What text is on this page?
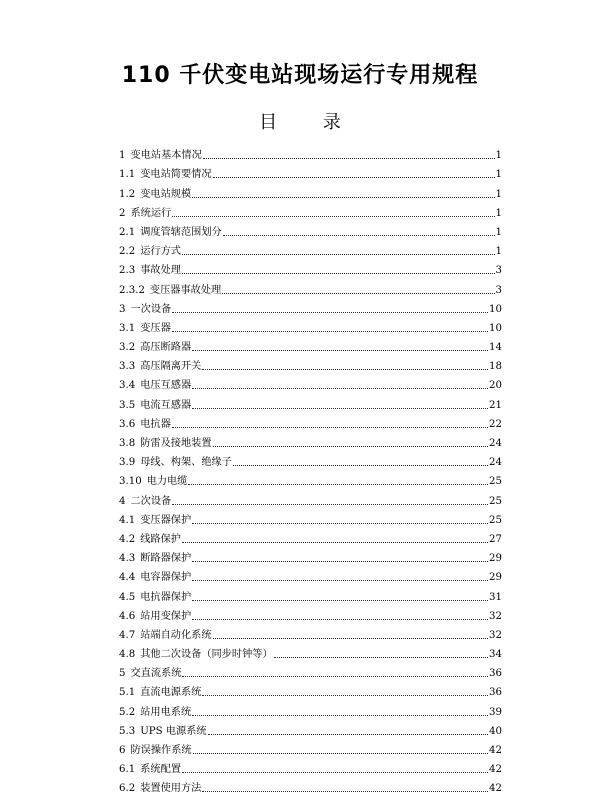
110 千伏变电站现场运行专用规程
目 录
1 变电站基本情况	1
1.1 变电站简要情况	1
1.2 变电站规模	1
2 系统运行	1
2.1 调度管辖范围划分	1
2.2 运行方式	1
2.3 事故处理	3
2.3.2 变压器事故处理	3
3 一次设备	10
3.1 变压器	10
3.2 高压断路器	14
3.3 高压隔离开关	18
3.4 电压互感器	20
3.5 电流互感器	21
3.6 电抗器	22
3.8 防雷及接地装置	24
3.9 母线、构架、绝缘子	24
3.10 电力电缆	25
4 二次设备	25
4.1 变压器保护	25
4.2 线路保护	27
4.3 断路器保护	29
4.4 电容器保护	29
4.5 电抗器保护	31
4.6 站用变保护	32
4.7 站端自动化系统	32
4.8 其他二次设备（同步时钟等）	34
5 交直流系统	36
5.1 直流电源系统	36
5.2 站用电系统	39
5.3 UPS 电源系统	40
6 防误操作系统	42
6.1 系统配置	42
6.2 装置使用方法	42
